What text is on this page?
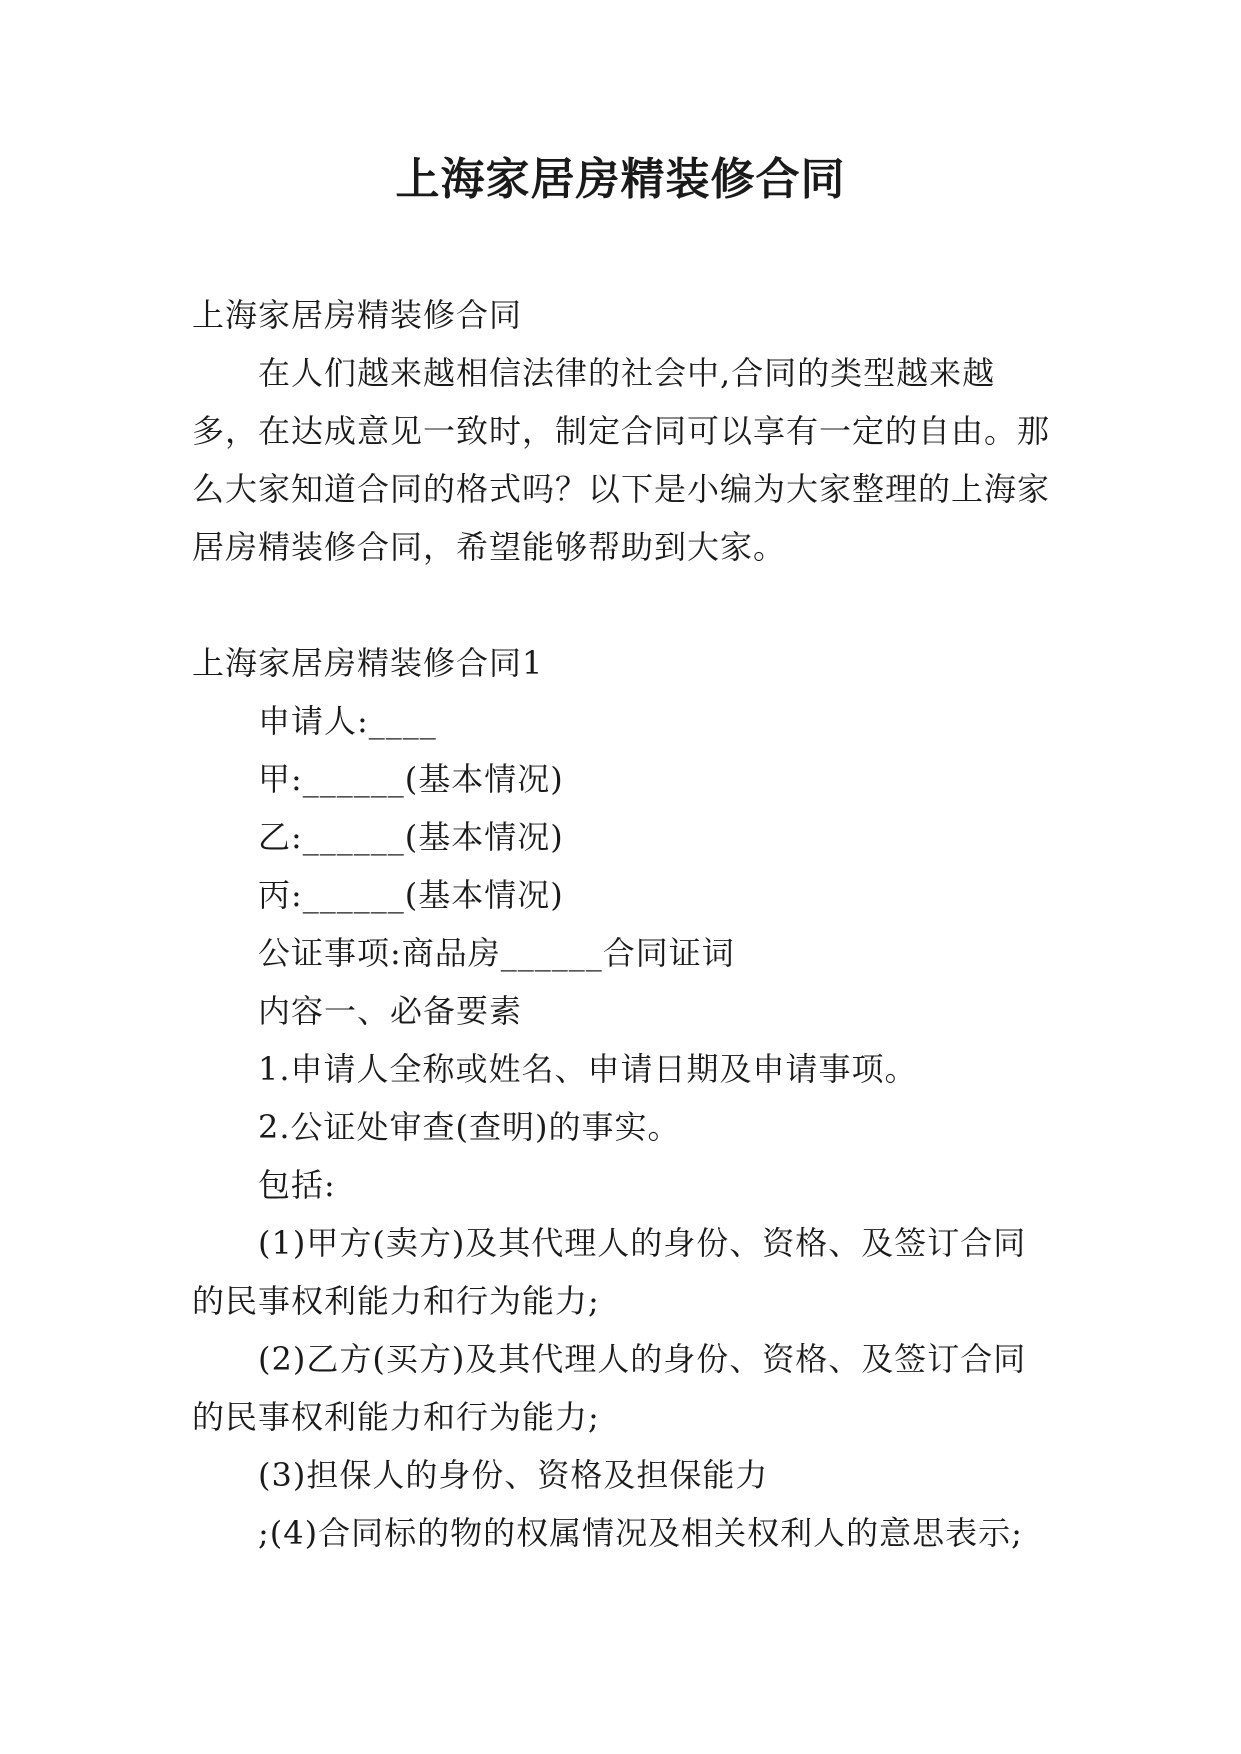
上海家居房精装修合同

上海家居房精装修合同

在人们越来越相信法律的社会中,合同的类型越来越多，在达成意见一致时，制定合同可以享有一定的自由。那么大家知道合同的格式吗？以下是小编为大家整理的上海家居房精装修合同，希望能够帮助到大家。

上海家居房精装修合同1

申请人:____

甲:______(基本情况)

乙:______(基本情况)

丙:______(基本情况)

公证事项:商品房______合同证词

内容一、必备要素

1.申请人全称或姓名、申请日期及申请事项。

2.公证处审查(查明)的事实。

包括:

(1)甲方(卖方)及其代理人的身份、资格、及签订合同的民事权利能力和行为能力;

(2)乙方(买方)及其代理人的身份、资格、及签订合同的民事权利能力和行为能力;

(3)担保人的身份、资格及担保能力

;(4)合同标的物的权属情况及相关权利人的意思表示;
